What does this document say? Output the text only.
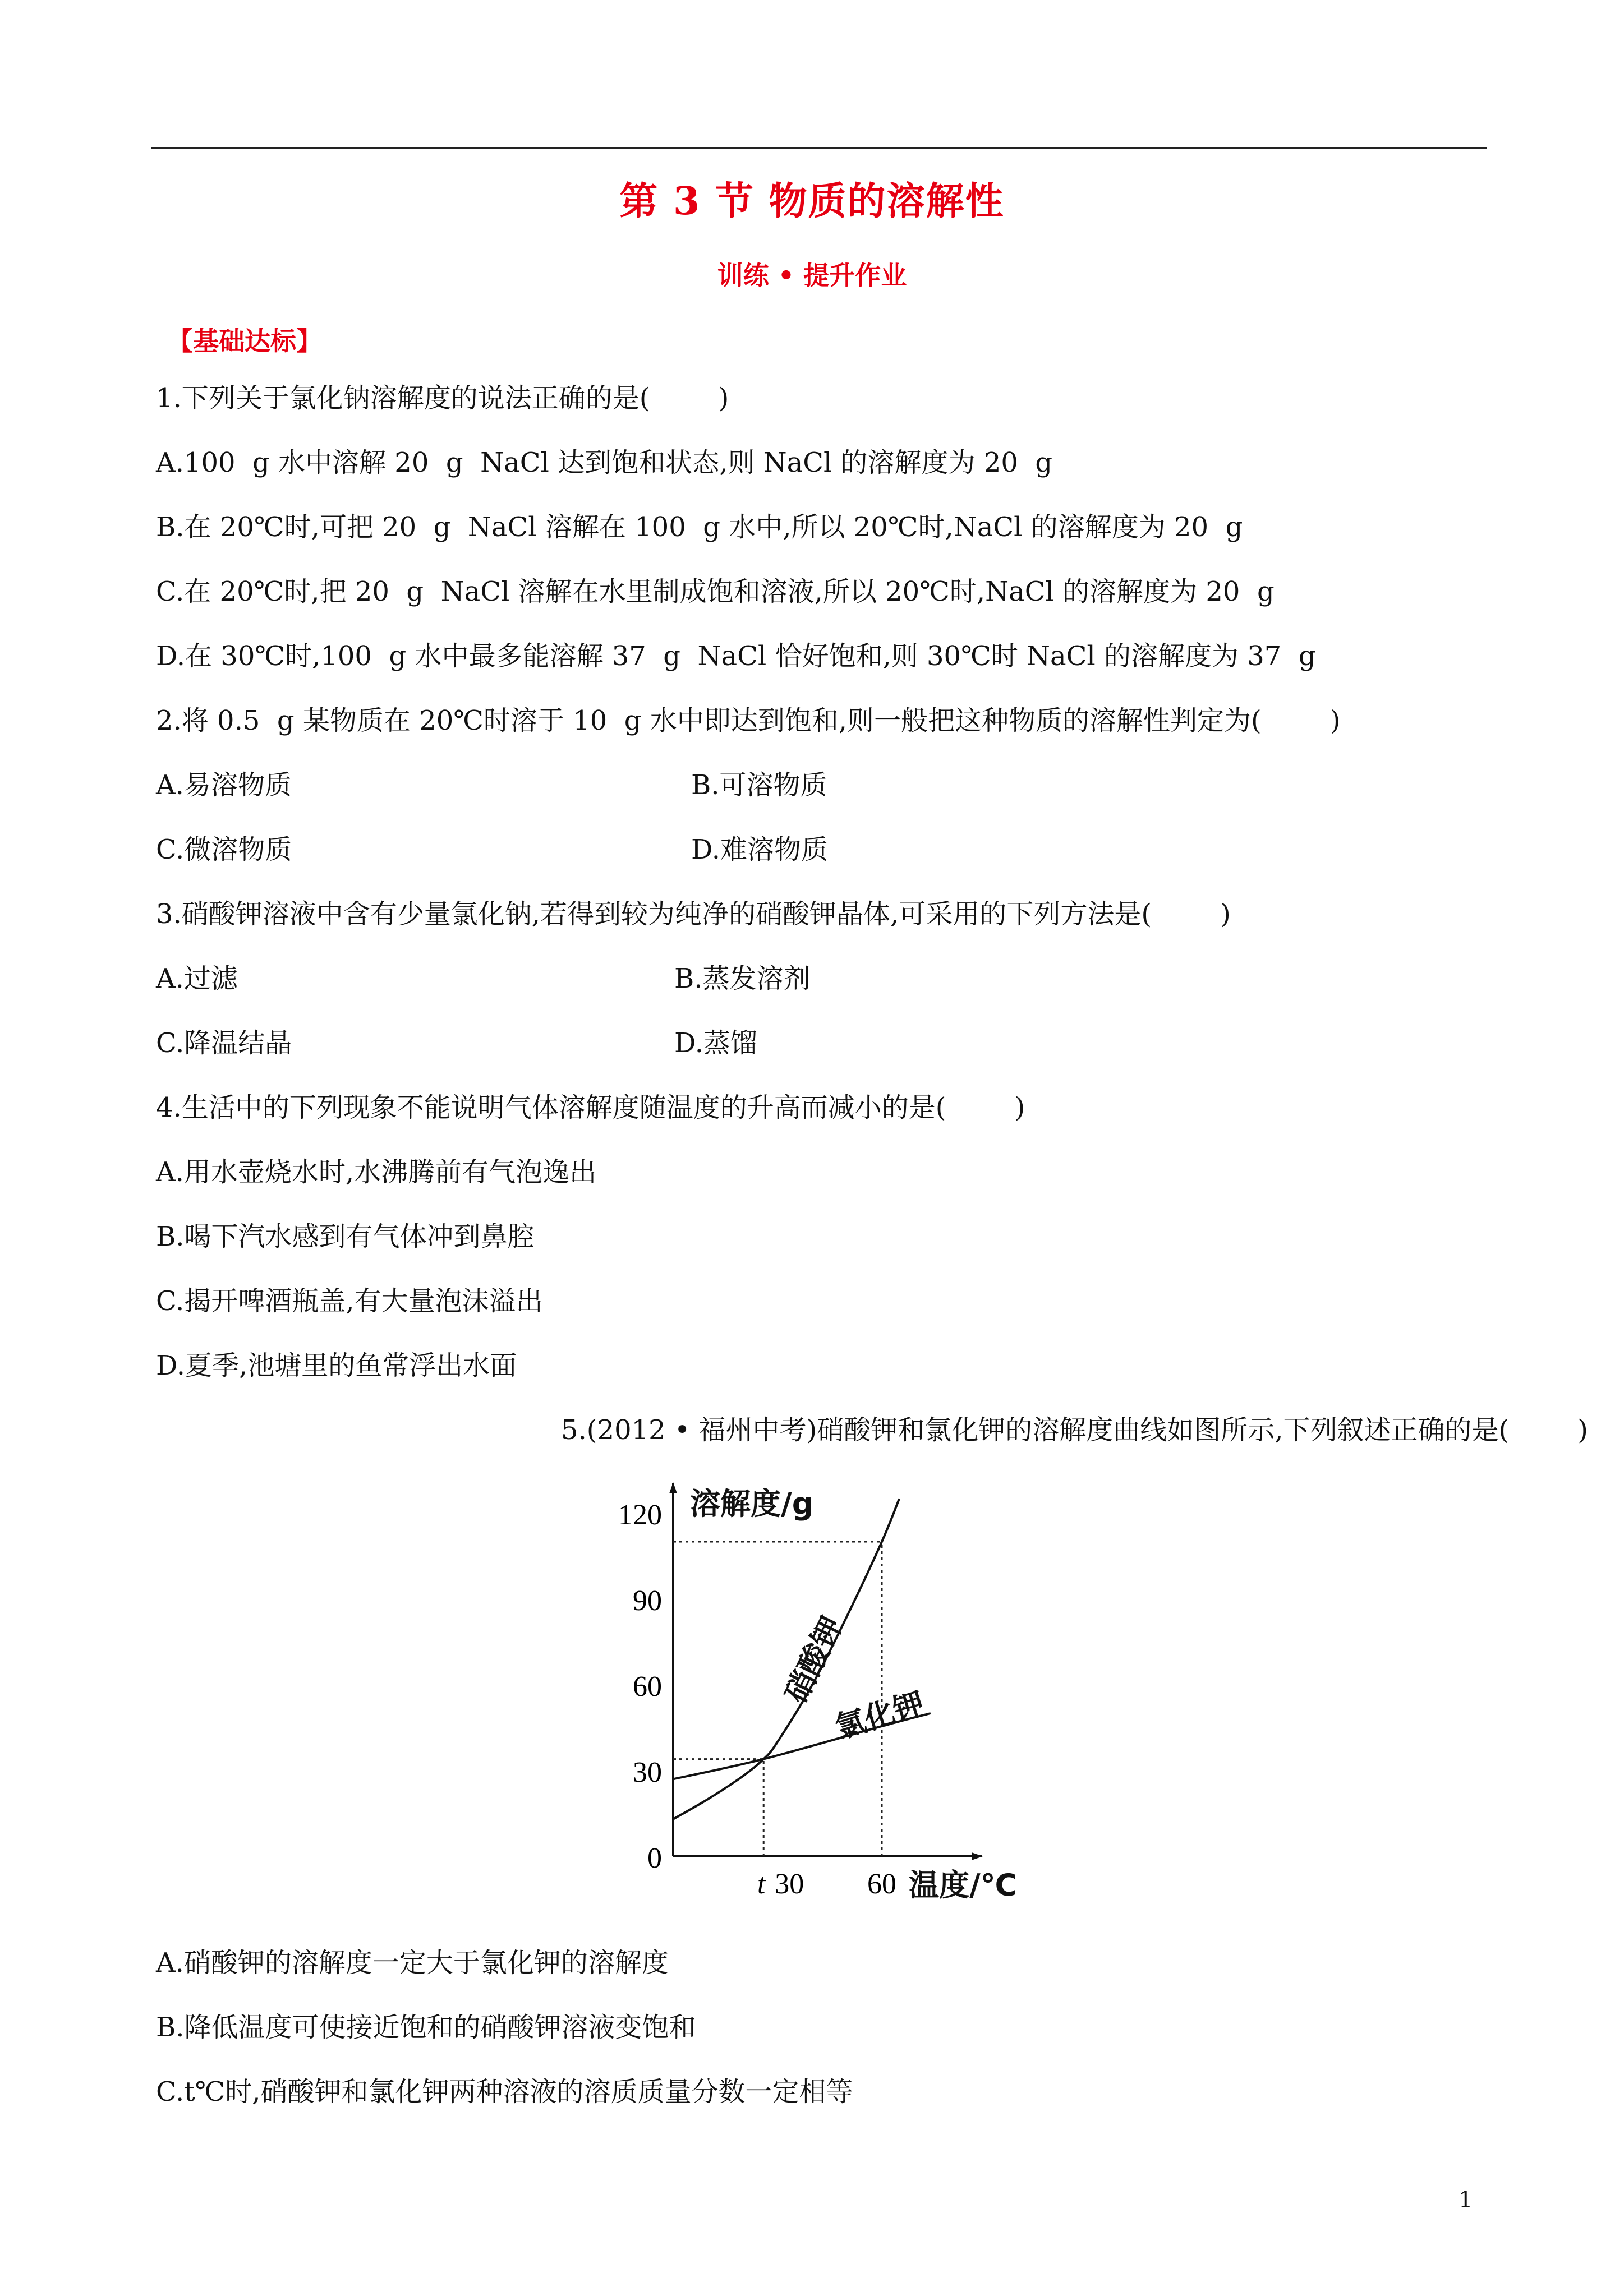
第 3 节 物质的溶解性
训练 • 提升作业
【基础达标】
1.下列关于氯化钠溶解度的说法正确的是(        )
A.100  g 水中溶解 20  g  NaCl 达到饱和状态,则 NaCl 的溶解度为 20  g
B.在 20℃时,可把 20  g  NaCl 溶解在 100  g 水中,所以 20℃时,NaCl 的溶解度为 20  g
C.在 20℃时,把 20  g  NaCl 溶解在水里制成饱和溶液,所以 20℃时,NaCl 的溶解度为 20  g
D.在 30℃时,100  g 水中最多能溶解 37  g  NaCl 恰好饱和,则 30℃时 NaCl 的溶解度为 37  g
2.将 0.5  g 某物质在 20℃时溶于 10  g 水中即达到饱和,则一般把这种物质的溶解性判定为(        )
A.易溶物质	B.可溶物质
C.微溶物质	D.难溶物质
3.硝酸钾溶液中含有少量氯化钠,若得到较为纯净的硝酸钾晶体,可采用的下列方法是(        )
A.过滤	B.蒸发溶剂
C.降温结晶	D.蒸馏
4.生活中的下列现象不能说明气体溶解度随温度的升高而减小的是(        )
A.用水壶烧水时,水沸腾前有气泡逸出
B.喝下汽水感到有气体冲到鼻腔
C.揭开啤酒瓶盖,有大量泡沫溢出
D.夏季,池塘里的鱼常浮出水面
5.(2012 • 福州中考)硝酸钾和氯化钾的溶解度曲线如图所示,下列叙述正确的是(        )
0
30
60
90
120
t 30 60
溶解度/g
温度/℃
硝酸钾
氯化钾
A.硝酸钾的溶解度一定大于氯化钾的溶解度
B.降低温度可使接近饱和的硝酸钾溶液变饱和
C.t℃时,硝酸钾和氯化钾两种溶液的溶质质量分数一定相等
1
